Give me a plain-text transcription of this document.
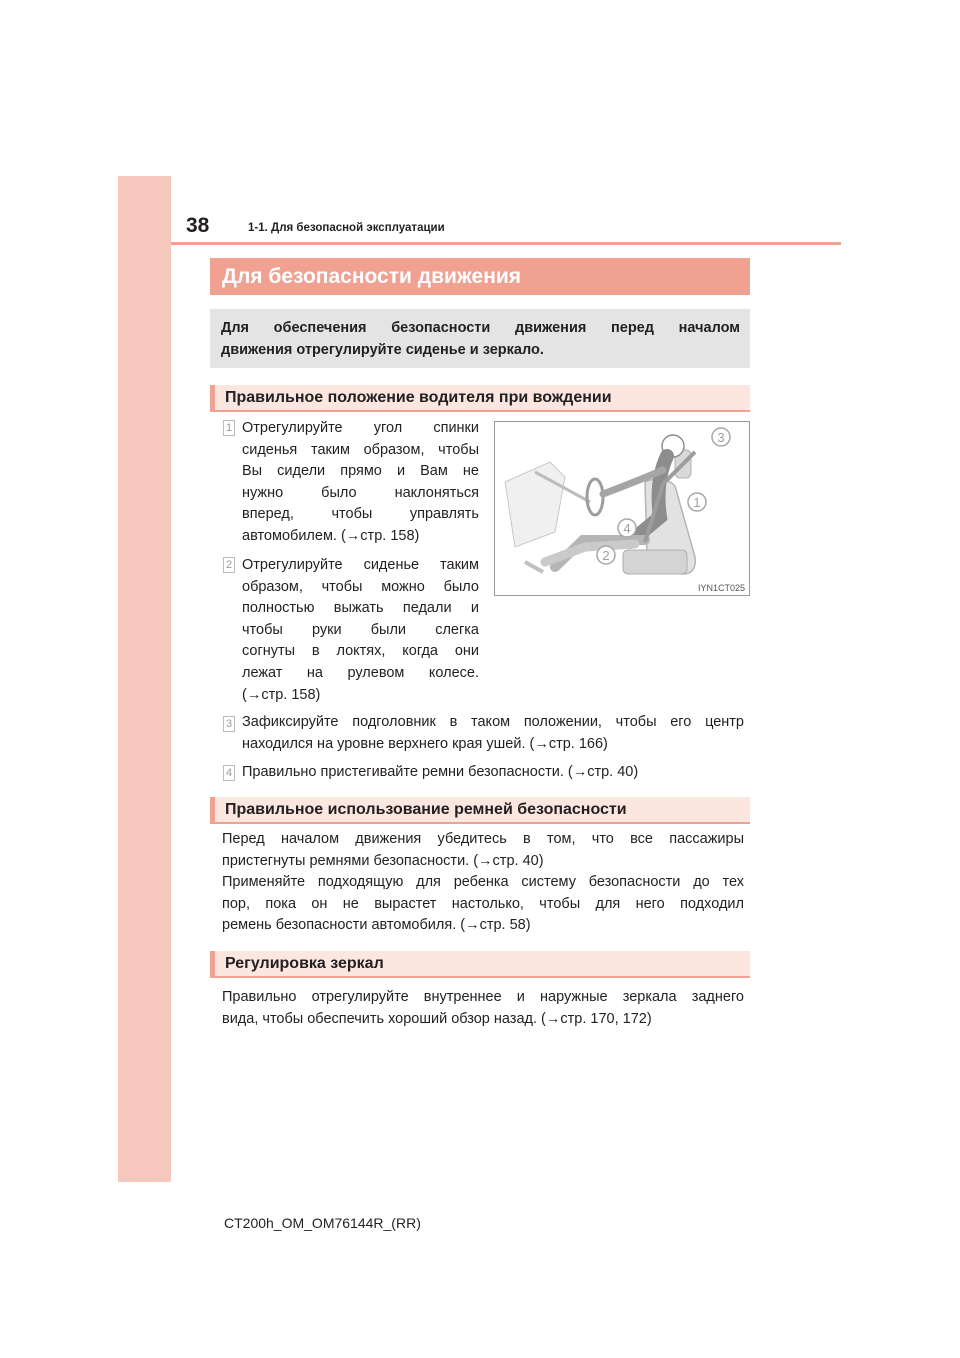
38	1-1. Для безопасной эксплуатации
Для безопасности движения
Для обеспечения безопасности движения перед началом
движения отрегулируйте сиденье и зеркало.
Правильное положение водителя при вождении
1 Отрегулируйте угол спинки
сиденья таким образом, чтобы
Вы сидели прямо и Вам не
нужно было наклоняться
вперед, чтобы управлять
автомобилем. (→стр. 158)
2 Отрегулируйте сиденье таким
образом, чтобы можно было
полностью выжать педали и
чтобы руки были слегка
согнуты в локтях, когда они
лежат на рулевом колесе.
(→стр. 158)
3
1
4
2
IYN1CT025
3 Зафиксируйте подголовник в таком положении, чтобы его центр
находился на уровне верхнего края ушей. (→стр. 166)
4 Правильно пристегивайте ремни безопасности. (→стр. 40)
Правильное использование ремней безопасности
Перед началом движения убедитесь в том, что все пассажиры
пристегнуты ремнями безопасности. (→стр. 40)
Применяйте подходящую для ребенка систему безопасности до тех
пор, пока он не вырастет настолько, чтобы для него подходил
ремень безопасности автомобиля. (→стр. 58)
Регулировка зеркал
Правильно отрегулируйте внутреннее и наружные зеркала заднего
вида, чтобы обеспечить хороший обзор назад. (→стр. 170, 172)
CT200h_OM_OM76144R_(RR)
